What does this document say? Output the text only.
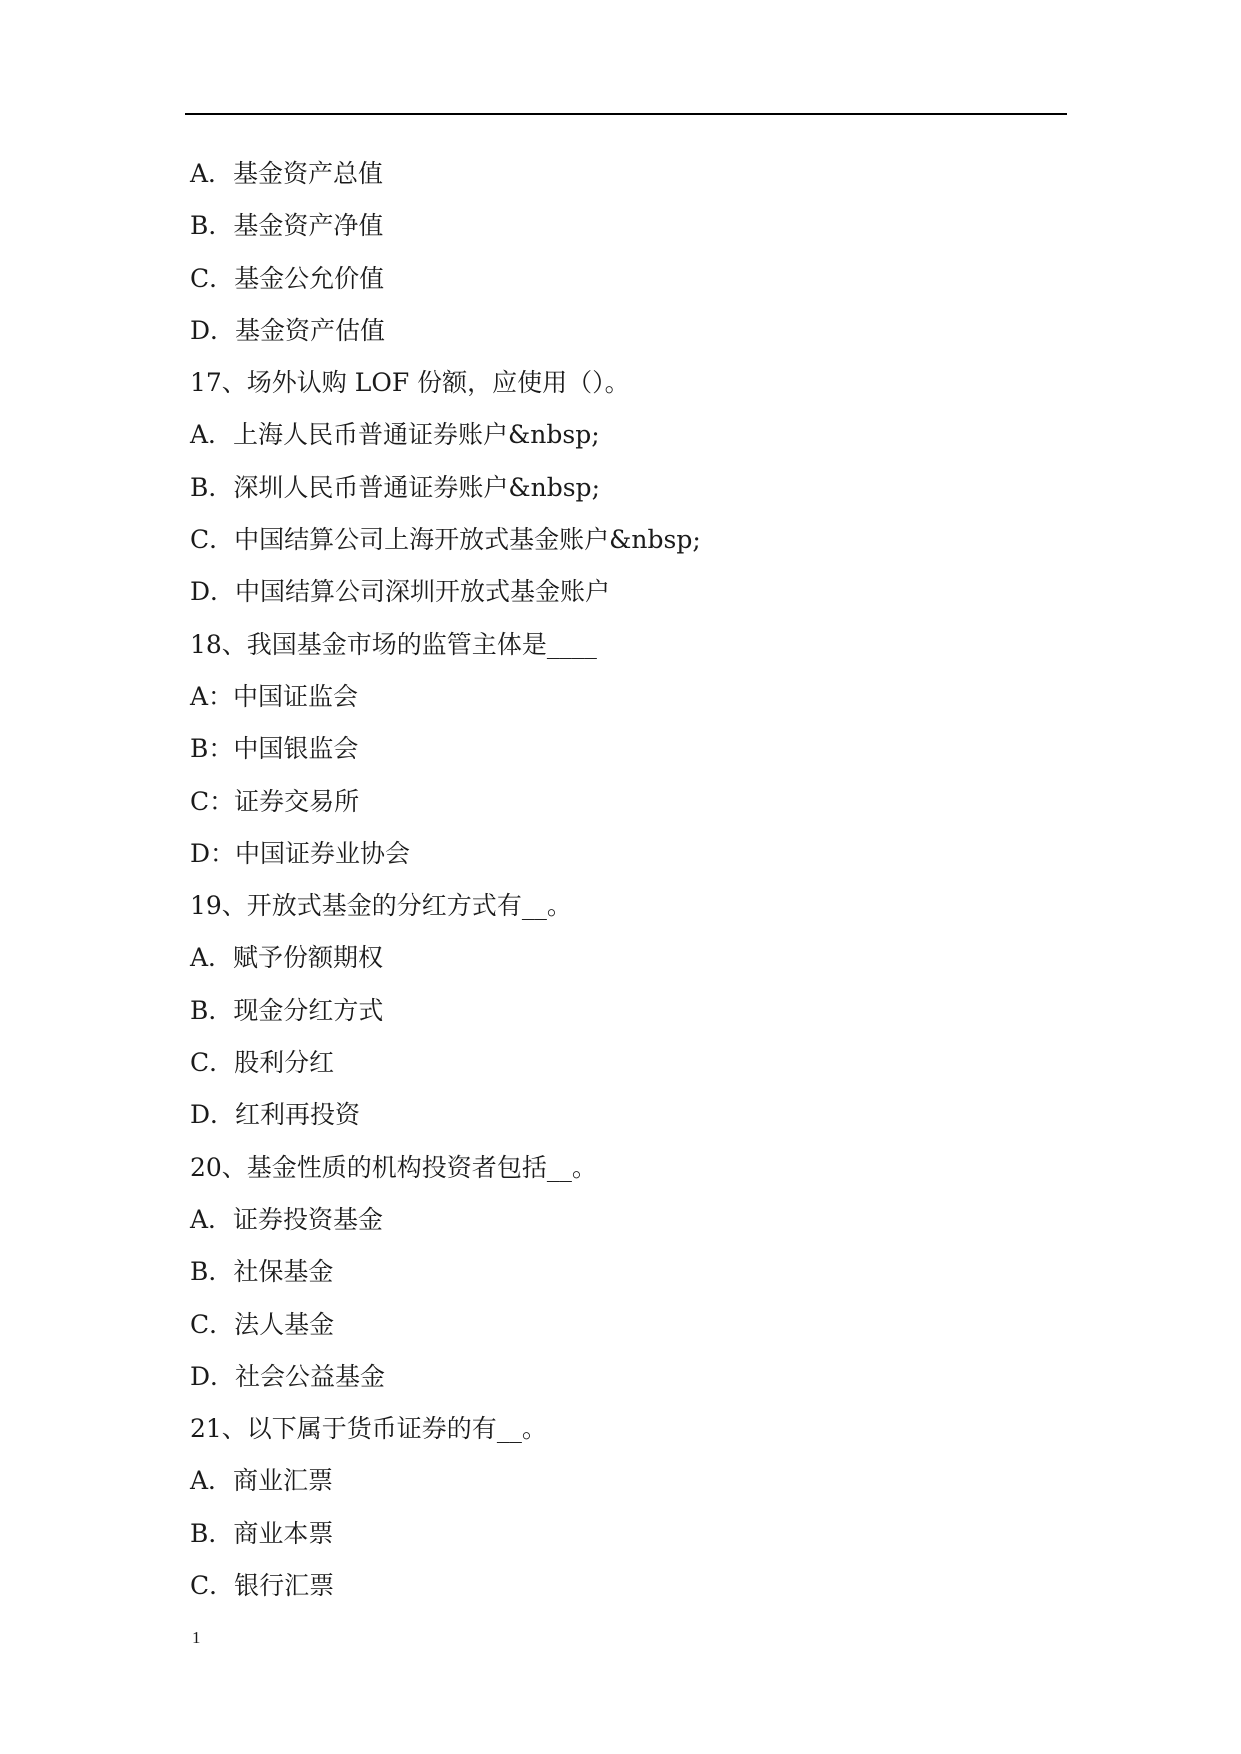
A．基金资产总值
B．基金资产净值
C．基金公允价值
D．基金资产估值
17、场外认购 LOF 份额，应使用（）。
A．上海人民币普通证券账户&nbsp;
B．深圳人民币普通证券账户&nbsp;
C．中国结算公司上海开放式基金账户&nbsp;
D．中国结算公司深圳开放式基金账户
18、我国基金市场的监管主体是____
A：中国证监会
B：中国银监会
C：证券交易所
D：中国证券业协会
19、开放式基金的分红方式有__。
A．赋予份额期权
B．现金分红方式
C．股利分红
D．红利再投资
20、基金性质的机构投资者包括__。
A．证券投资基金
B．社保基金
C．法人基金
D．社会公益基金
21、以下属于货币证券的有__。
A．商业汇票
B．商业本票
C．银行汇票
1
